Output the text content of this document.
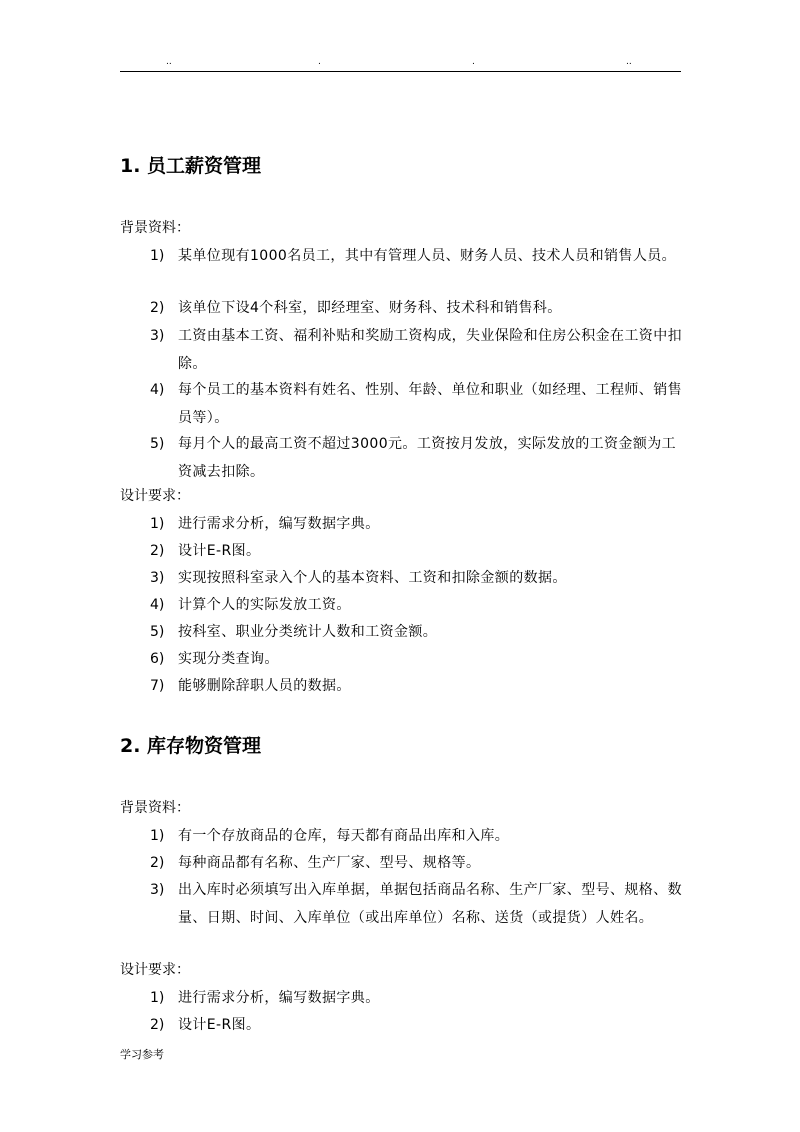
..	.	.	..
1. 员工薪资管理
背景资料：
1) 某单位现有1000名员工，其中有管理人员、财务人员、技术人员和销售人员。
2) 该单位下设4个科室，即经理室、财务科、技术科和销售科。
3) 工资由基本工资、福利补贴和奖励工资构成，失业保险和住房公积金在工资中扣除。
4) 每个员工的基本资料有姓名、性别、年龄、单位和职业（如经理、工程师、销售员等）。
5) 每月个人的最高工资不超过3000元。工资按月发放，实际发放的工资金额为工资减去扣除。
设计要求：
1) 进行需求分析，编写数据字典。
2) 设计E-R图。
3) 实现按照科室录入个人的基本资料、工资和扣除金额的数据。
4) 计算个人的实际发放工资。
5) 按科室、职业分类统计人数和工资金额。
6) 实现分类查询。
7) 能够删除辞职人员的数据。
2. 库存物资管理
背景资料：
1) 有一个存放商品的仓库，每天都有商品出库和入库。
2) 每种商品都有名称、生产厂家、型号、规格等。
3) 出入库时必须填写出入库单据，单据包括商品名称、生产厂家、型号、规格、数量、日期、时间、入库单位（或出库单位）名称、送货（或提货）人姓名。
设计要求：
1) 进行需求分析，编写数据字典。
2) 设计E-R图。
学习参考
